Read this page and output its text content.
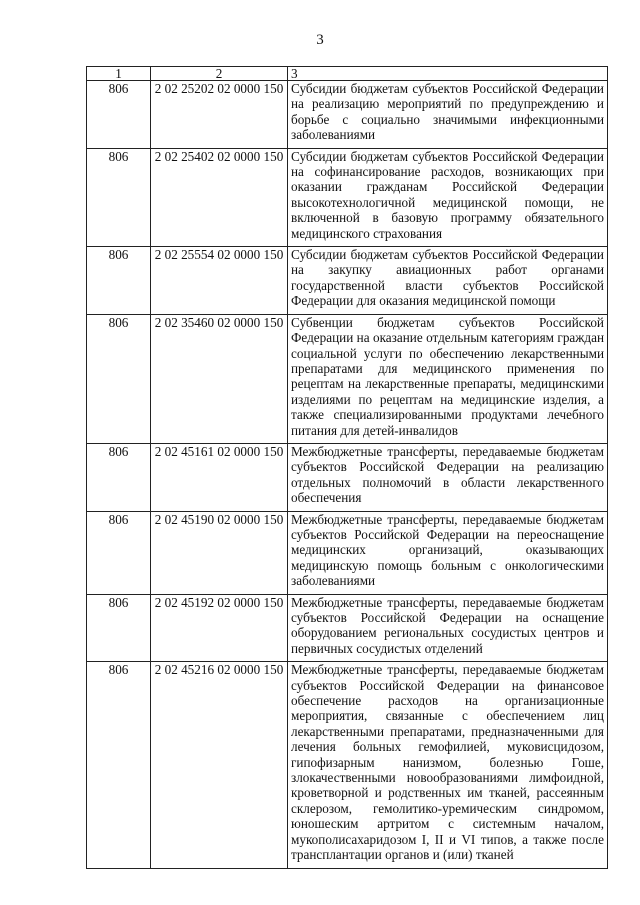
3
1	2	3
806	2 02 25202 02 0000 150	Субсидии бюджетам субъектов Российской Федерации на реализацию мероприятий по предупреждению и борьбе с социально значимыми инфекционными заболеваниями
806	2 02 25402 02 0000 150	Субсидии бюджетам субъектов Российской Федерации на софинансирование расходов, возникающих при оказании гражданам Российской Федерации высокотехнологичной медицинской помощи, не включенной в базовую программу обязательного медицинского страхования
806	2 02 25554 02 0000 150	Субсидии бюджетам субъектов Российской Федерации на закупку авиационных работ органами государственной власти субъектов Российской Федерации для оказания медицинской помощи
806	2 02 35460 02 0000 150	Субвенции бюджетам субъектов Российской Федерации на оказание отдельным категориям граждан социальной услуги по обеспечению лекарственными препаратами для медицинского применения по рецептам на лекарственные препараты, медицинскими изделиями по рецептам на медицинские изделия, а также специализированными продуктами лечебного питания для детей-инвалидов
806	2 02 45161 02 0000 150	Межбюджетные трансферты, передаваемые бюджетам субъектов Российской Федерации на реализацию отдельных полномочий в области лекарственного обеспечения
806	2 02 45190 02 0000 150	Межбюджетные трансферты, передаваемые бюджетам субъектов Российской Федерации на переоснащение медицинских организаций, оказывающих медицинскую помощь больным с онкологическими заболеваниями
806	2 02 45192 02 0000 150	Межбюджетные трансферты, передаваемые бюджетам субъектов Российской Федерации на оснащение оборудованием региональных сосудистых центров и первичных сосудистых отделений
806	2 02 45216 02 0000 150	Межбюджетные трансферты, передаваемые бюджетам субъектов Российской Федерации на финансовое обеспечение расходов на организационные мероприятия, связанные с обеспечением лиц лекарственными препаратами, предназначенными для лечения больных гемофилией, муковисцидозом, гипофизарным нанизмом, болезнью Гоше, злокачественными новообразованиями лимфоидной, кроветворной и родственных им тканей, рассеянным склерозом, гемолитико-уремическим синдромом, юношеским артритом с системным началом, мукополисахаридозом I, II и VI типов, а также после трансплантации органов и (или) тканей
